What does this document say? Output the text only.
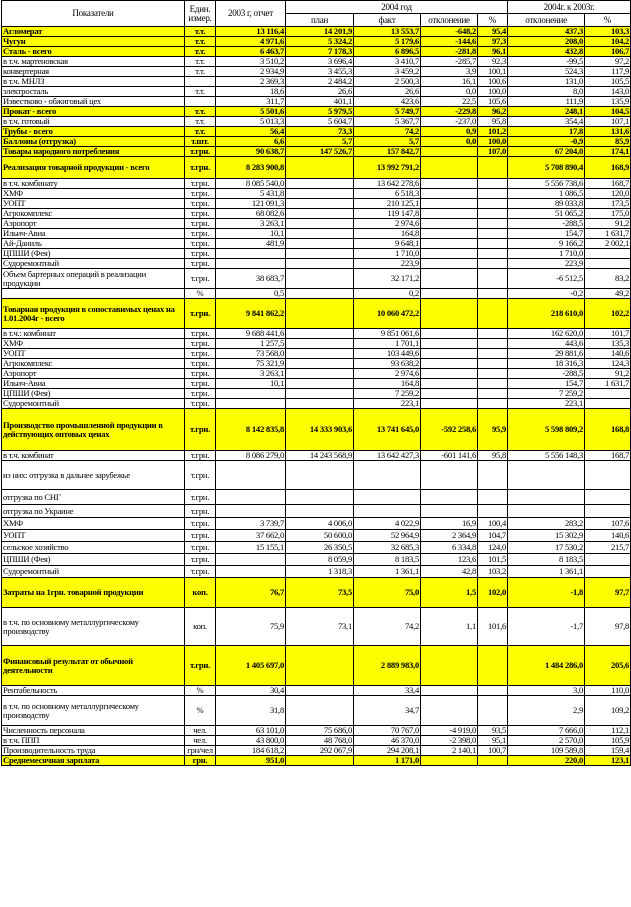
Показатели	Един. измер.	2003 г, отчет	2004 год				2004г. к 2003г.	
			план	факт	отклонение	%	отклонение	%
Агломерат	т.т.	13 116,4	14 201,9	13 553,7	-648,2	95,4	437,3	103,3
Чугун	т.т.	4 971,6	5 324,2	5 179,6	-144,6	97,3	208,0	104,2
Сталь - всего	т.т.	6 463,7	7 178,3	6 896,5	-281,8	96,1	432,8	106,7
в т.ч. мартеновская	т.т.	3 510,2	3 696,4	3 410,7	-285,7	92,3	-99,5	97,2
конвертерная	т.т.	2 934,9	3 455,3	3 459,2	3,9	100,1	524,3	117,9
в т.ч. МНЛЗ		2 369,3	2 484,2	2 500,3	16,1	100,6	131,0	105,5
электросталь	т.т.	18,6	26,6	26,6	0,0	100,0	8,0	143,0
Известково - обжиговый цех		311,7	401,1	423,6	22,5	105,6	111,9	135,9
Прокат - всего	т.т.	5 501,6	5 979,5	5 749,7	-229,8	96,2	248,1	104,5
в т.ч. готовый	т.т.	5 013,3	5 604,7	5 367,7	-237,0	95,8	354,4	107,1
Трубы - всего	т.т.	56,4	73,3	74,2	0,9	101,2	17,8	131,6
Баллоны (отгрузка)	т.шт.	6,6	5,7	5,7	0,0	100,0	-0,9	85,9
Товары народного потребления	т.грн.	90 638,7	147 526,7	157 842,7		107,0	67 204,0	174,1
Реализация товарной продукции - всего	т.грн.	8 283 900,8		13 992 791,2			5 708 890,4	168,9
в т.ч. комбинату	т.грн.	8 085 540,0		13 642 278,6			5 556 738,6	168,7
ХМФ	т.грн.	5 431,8		6 518,3			1 086,5	120,0
УОПТ	т.грн.	121 091,3		210 125,1			89 033,8	173,5
Агрокомплекс	т.грн.	68 082,6		119 147,8			51 065,2	175,0
Аэропорт	т.грн.	3 263,1		2 974,6			-288,5	91,2
Ильич-Авиа	т.грн.	10,1		164,8			154,7	1 631,7
Ай-Даниль	т.грн.	481,9		9 648,1			9 166,2	2 002,1
ЦПШИ (Фея)	т.грн.			1 710,0			1 710,0	
Судоремонтный	т.грн.			223,9			223,9	
Объем бартерных операций в реализации продукции	т.грн.	38 683,7		32 171,2			-6 512,5	83,2
	%	0,5		0,2			-0,2	49,2
Товарная продукция в сопоставимых ценах на 1.01.2004г - всего	т.грн.	9 841 862,2		10 060 472,2			218 610,0	102,2
в т.ч.: комбинат	т.грн.	9 688 441,6		9 851 061,6			162 620,0	101,7
ХМФ	т.грн.	1 257,5		1 701,1			443,6	135,3
УОПТ	т.грн.	73 568,0		103 449,6			29 881,6	140,6
Агрокомплекс	т.грн.	75 321,9		93 638,2			18 316,3	124,3
Аэропорт	т.грн.	3 263,1		2 974,6			-288,5	91,2
Ильич-Авиа	т.грн.	10,1		164,8			154,7	1 631,7
ЦПШИ (Фея)	т.грн.			7 259,2			7 259,2	
Судоремонтный	т.грн.			223,1			223,1	
Производство промышленной продукции в действующих оптовых ценах	т.грн.	8 142 835,8	14 333 903,6	13 741 645,0	-592 258,6	95,9	5 598 809,2	168,8
в т.ч. комбинат	т.грн.	8 086 279,0	14 243 568,9	13 642 427,3	-601 141,6	95,8	5 556 148,3	168,7
из них: отгрузка в дальнее зарубежье	т.грн.							
отгрузка по СНГ	т.грн.							
отгрузка по Украине	т.грн.							
ХМФ	т.грн.	3 739,7	4 006,0	4 022,9	16,9	100,4	283,2	107,6
УОПТ	т.грн.	37 662,0	50 600,0	52 964,9	2 364,9	104,7	15 302,9	140,6
сельское хозяйство	т.грн.	15 155,1	26 350,5	32 685,3	6 334,8	124,0	17 530,2	215,7
ЦПШИ (Фея)	т.грн.		8 059,9	8 183,5	123,6	101,5	8 183,5	
Судоремонтный	т.грн.		1 318,3	1 361,1	42,8	103,2	1 361,1	
Затраты на 1грн. товарной продукции	коп.	76,7	73,5	75,0	1,5	102,0	-1,8	97,7
в т.ч. по основному металлургическому производству	коп.	75,9	73,1	74,2	1,1	101,6	-1,7	97,8
Финансовый результат от обычной деятельности	т.грн.	1 405 697,0		2 889 983,0			1 484 286,0	205,6
Рентабельность	%	30,4		33,4			3,0	110,0
в т.ч. по основному металлургическому производству	%	31,8		34,7			2,9	109,2
Численность персонала	чел.	63 101,0	75 686,0	70 767,0	-4 919,0	93,5	7 666,0	112,1
в т.ч. ППП	чел.	43 800,0	48 768,0	46 370,0	-2 398,0	95,1	2 570,0	105,9
Производительность труда	грн/чел	184 618,2	292 067,9	294 208,1	2 140,1	100,7	109 589,8	159,4
Среднемесячная зарплата	грн.	951,0		1 171,0			220,0	123,1
